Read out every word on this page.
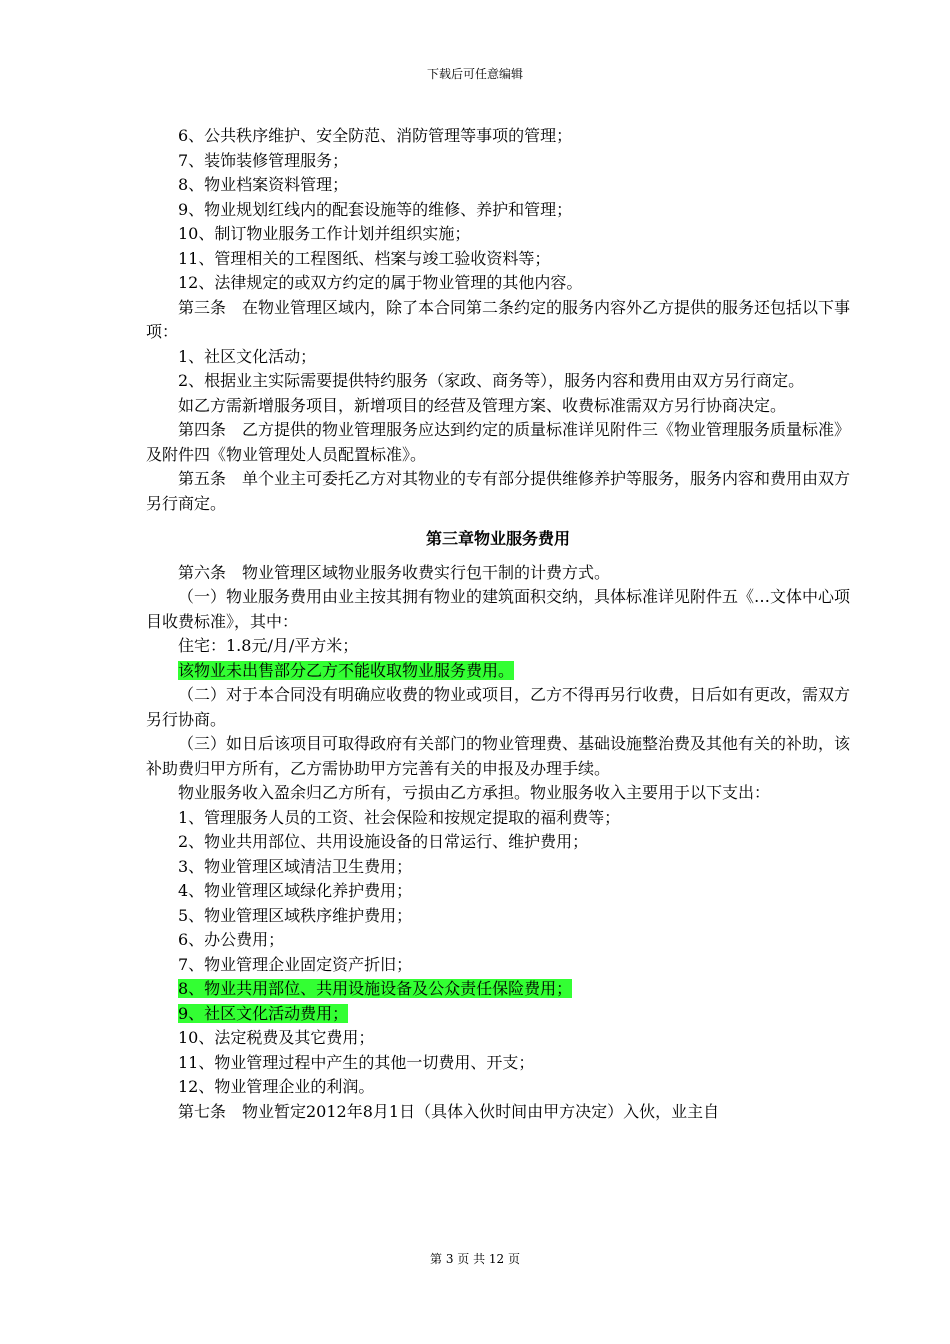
下载后可任意编辑

6、公共秩序维护、安全防范、消防管理等事项的管理；

7、装饰装修管理服务；

8、物业档案资料管理；

9、物业规划红线内的配套设施等的维修、养护和管理；

10、制订物业服务工作计划并组织实施；

11、管理相关的工程图纸、档案与竣工验收资料等；

12、法律规定的或双方约定的属于物业管理的其他内容。

第三条　在物业管理区域内，除了本合同第二条约定的服务内容外乙方提供的服务还包括以下事项：

1、社区文化活动；

2、根据业主实际需要提供特约服务（家政、商务等），服务内容和费用由双方另行商定。

如乙方需新增服务项目，新增项目的经营及管理方案、收费标准需双方另行协商决定。

第四条　乙方提供的物业管理服务应达到约定的质量标准详见附件三《物业管理服务质量标准》及附件四《物业管理处人员配置标准》。

第五条　单个业主可委托乙方对其物业的专有部分提供维修养护等服务，服务内容和费用由双方另行商定。

第三章物业服务费用

第六条　物业管理区域物业服务收费实行包干制的计费方式。

（一）物业服务费用由业主按其拥有物业的建筑面积交纳，具体标准详见附件五《…文体中心项目收费标准》，其中：

住宅：1.8元/月/平方米；

该物业未出售部分乙方不能收取物业服务费用。

（二）对于本合同没有明确应收费的物业或项目，乙方不得再另行收费，日后如有更改，需双方另行协商。

（三）如日后该项目可取得政府有关部门的物业管理费、基础设施整治费及其他有关的补助，该补助费归甲方所有，乙方需协助甲方完善有关的申报及办理手续。

物业服务收入盈余归乙方所有，亏损由乙方承担。物业服务收入主要用于以下支出：

1、管理服务人员的工资、社会保险和按规定提取的福利费等；

2、物业共用部位、共用设施设备的日常运行、维护费用；

3、物业管理区域清洁卫生费用；

4、物业管理区域绿化养护费用；

5、物业管理区域秩序维护费用；

6、办公费用；

7、物业管理企业固定资产折旧；

8、物业共用部位、共用设施设备及公众责任保险费用；

9、社区文化活动费用；

10、法定税费及其它费用；

11、物业管理过程中产生的其他一切费用、开支；

12、物业管理企业的利润。

第七条　物业暂定2012年8月1日（具体入伙时间由甲方决定）入伙，业主自

第 3 页 共 12 页
